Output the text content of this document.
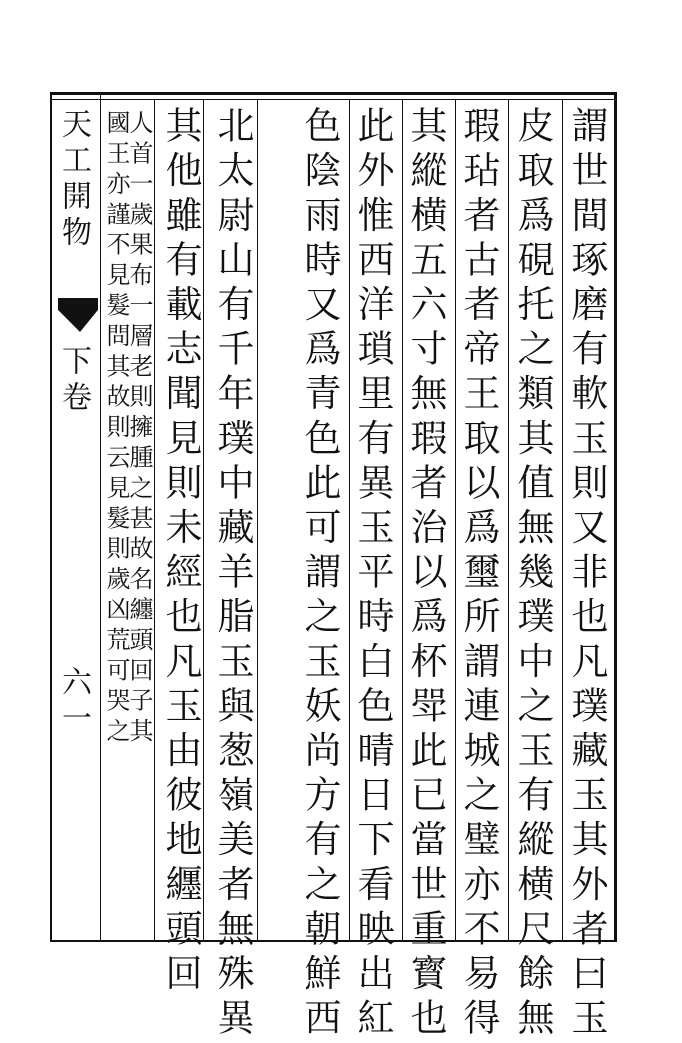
謂世間琢磨有軟玉則又非也凡璞藏玉其外者曰玉
皮取爲硯托之類其值無幾璞中之玉有縱横尺餘無
瑕玷者古者帝王取以爲璽所謂連城之璧亦不易得
其縱横五六寸無瑕者治以爲杯斝此已當世重寳也
此外惟西洋瑣里有異玉平時白色晴日下看映出紅
色陰雨時又爲青色此可謂之玉妖尚方有之朝鮮西
北太尉山有千年璞中藏羊脂玉與葱嶺美者無殊異
其他雖有載志聞見則未經也凡玉由彼地纒頭回
人首一歲果布一層老則擁腫之甚故名纏頭回子其
國王亦謹不見髮問其故則云見髮則歲凶荒可哭之
天工開物
下卷
六一
